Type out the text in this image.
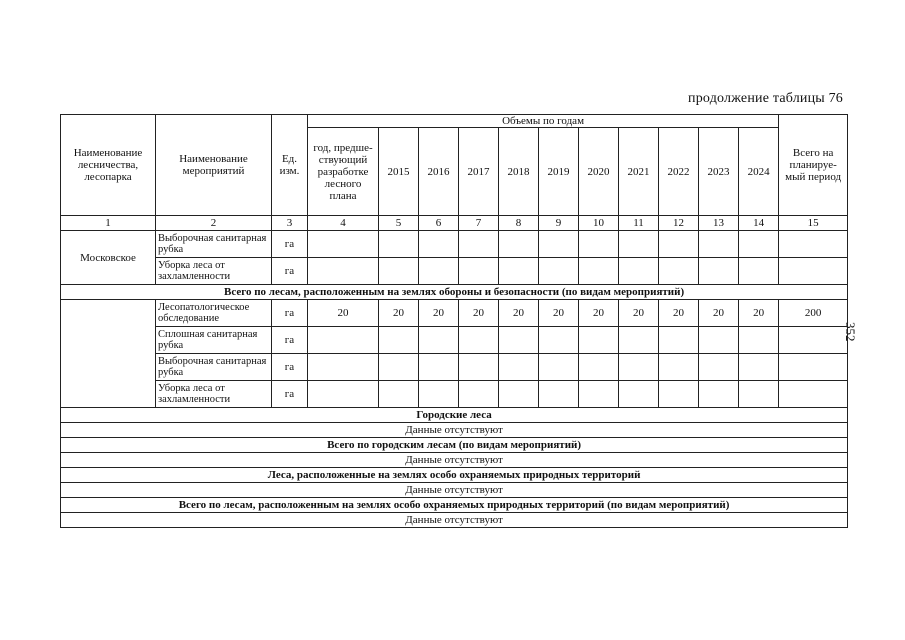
продолжение таблицы 76
352
Наименование лесничества, лесопарка	Наименование мероприятий	Ед. изм.	Объемы по годам											Всего на планируе-мый период
			год, предше-ствующий разработке лесного плана	2015	2016	2017	2018	2019	2020	2021	2022	2023	2024	
1	2	3	4	5	6	7	8	9	10	11	12	13	14	15
Московское	Выборочная санитарная рубка	га												
	Уборка леса от захламленности	га												
Всего по лесам, расположенным на землях обороны и безопасности (по видам мероприятий)														
	Лесопатологическое обследование	га	20	20	20	20	20	20	20	20	20	20	20	200
	Сплошная санитарная рубка	га												
	Выборочная санитарная рубка	га												
	Уборка леса от захламленности	га												
Городские леса														
Данные отсутствуют														
Всего по городским лесам (по видам мероприятий)														
Данные отсутствуют														
Леса, расположенные на землях особо охраняемых природных территорий														
Данные отсутствуют														
Всего по лесам, расположенным на землях особо охраняемых природных территорий (по видам мероприятий)														
Данные отсутствуют														
